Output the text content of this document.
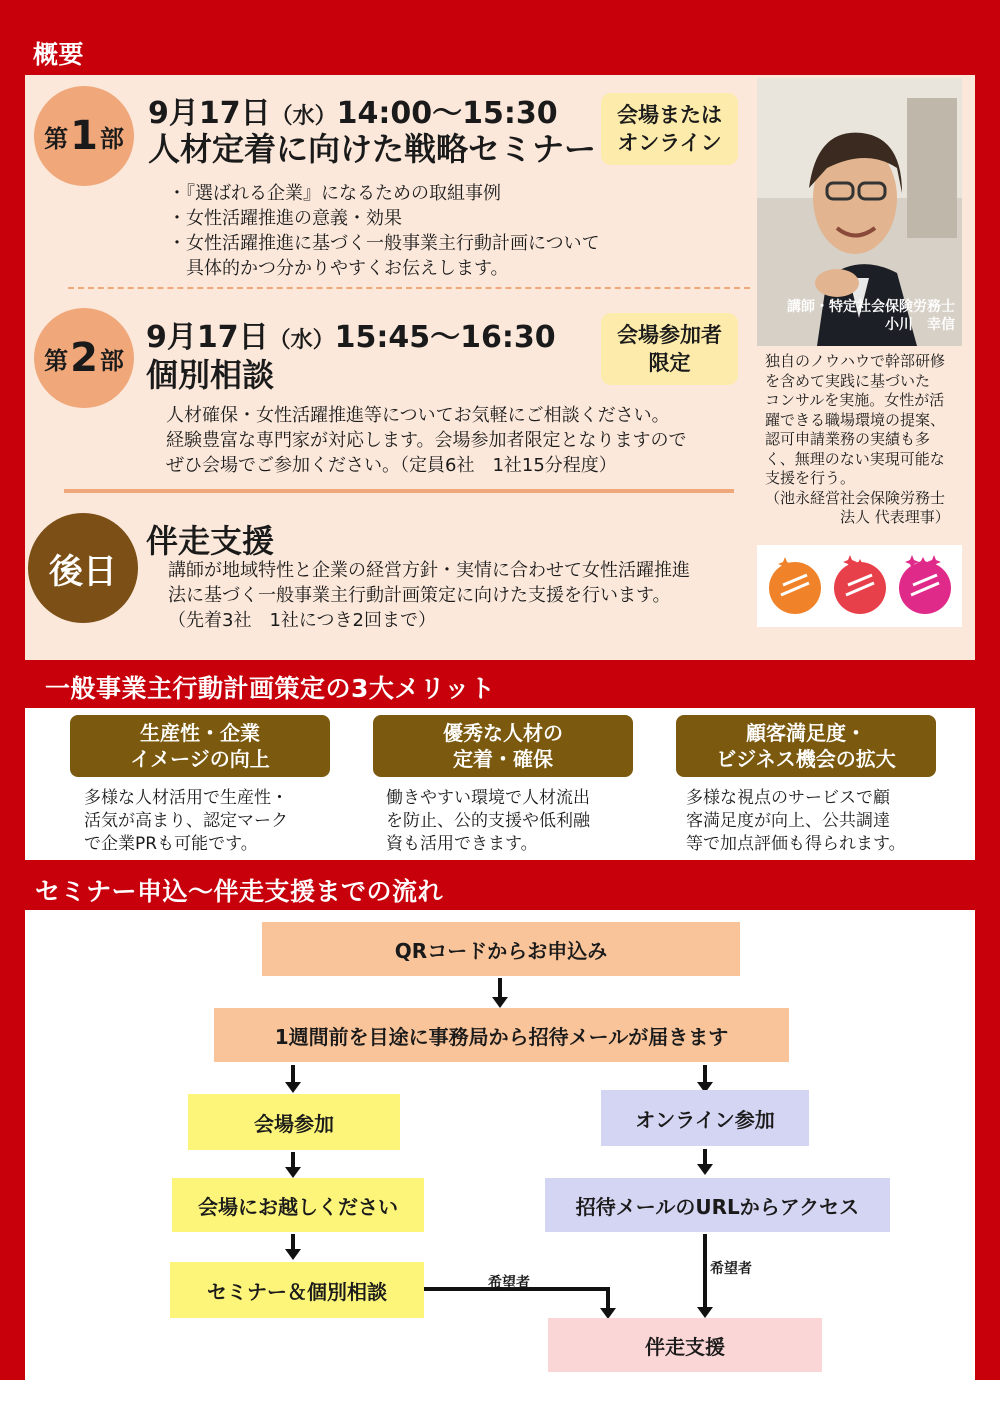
概要
第 1 部
9月17日（水）14:00～15:30
人材定着に向けた戦略セミナー
会場または
オンライン
・『選ばれる企業』になるための取組事例
・女性活躍推進の意義・効果
・女性活躍推進に基づく一般事業主行動計画について
　具体的かつ分かりやすくお伝えします。
第 2 部
9月17日（水）15:45～16:30
個別相談
会場参加者
限定
人材確保・女性活躍推進等についてお気軽にご相談ください。
経験豊富な専門家が対応します。会場参加者限定となりますので
ぜひ会場でご参加ください。（定員6社　1社15分程度）
後日
伴走支援
講師が地域特性と企業の経営方針・実情に合わせて女性活躍推進
法に基づく一般事業主行動計画策定に向けた支援を行います。
（先着3社　1社につき2回まで）
講師・特定社会保険労務士
小川　幸信
独自のノウハウで幹部研修
を含めて実践に基づいた
コンサルを実施。女性が活
躍できる職場環境の提案、
認可申請業務の実績も多
く、無理のない実現可能な
支援を行う。
（池永経営社会保険労務士
　　　　　法人 代表理事）
一般事業主行動計画策定の3大メリット
生産性・企業
イメージの向上
多様な人材活用で生産性・
活気が高まり、認定マーク
で企業PRも可能です。
優秀な人材の
定着・確保
働きやすい環境で人材流出
を防止、公的支援や低利融
資も活用できます。
顧客満足度・
ビジネス機会の拡大
多様な視点のサービスで顧
客満足度が向上、公共調達
等で加点評価も得られます。
セミナー申込～伴走支援までの流れ
QRコードからお申込み
1週間前を目途に事務局から招待メールが届きます
会場参加	オンライン参加
会場にお越しください	招待メールのURLからアクセス
希望者
セミナー＆個別相談	希望者
伴走支援
